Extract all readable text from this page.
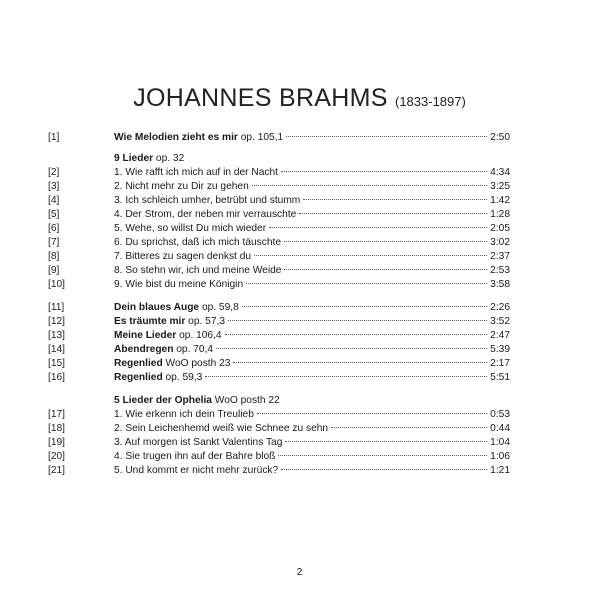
JOHANNES BRAHMS (1833-1897)
[1]	Wie Melodien zieht es mir op. 105,1	2:50
[2]	1. Wie rafft ich mich auf in der Nacht	4:34
[3]	2. Nicht mehr zu Dir zu gehen	3:25
[4]	3. Ich schleich umher, betrübt und stumm	1:42
[5]	4. Der Strom, der neben mir verrauschte	1:28
[6]	5. Wehe, so willst Du mich wieder	2:05
[7]	6. Du sprichst, daß ich mich täuschte	3:02
[8]	7. Bitteres zu sagen denkst du	2:37
[9]	8. So stehn wir, ich und meine Weide	2:53
[10]	9. Wie bist du meine Königin	3:58
[11]	Dein blaues Auge op. 59,8	2:26
[12]	Es träumte mir op. 57,3	3:52
[13]	Meine Lieder op. 106,4	2:47
[14]	Abendregen op. 70,4	5:39
[15]	Regenlied WoO posth 23	2:17
[16]	Regenlied op. 59,3	5:51
[17]	1. Wie erkenn ich dein Treulieb	0:53
[18]	2. Sein Leichenhemd weiß wie Schnee zu sehn	0:44
[19]	3. Auf morgen ist Sankt Valentins Tag	1:04
[20]	4. Sie trugen ihn auf der Bahre bloß	1:06
[21]	5. Und kommt er nicht mehr zurück?	1:21
9 Lieder op. 32
5 Lieder der Ophelia WoO posth 22
2
